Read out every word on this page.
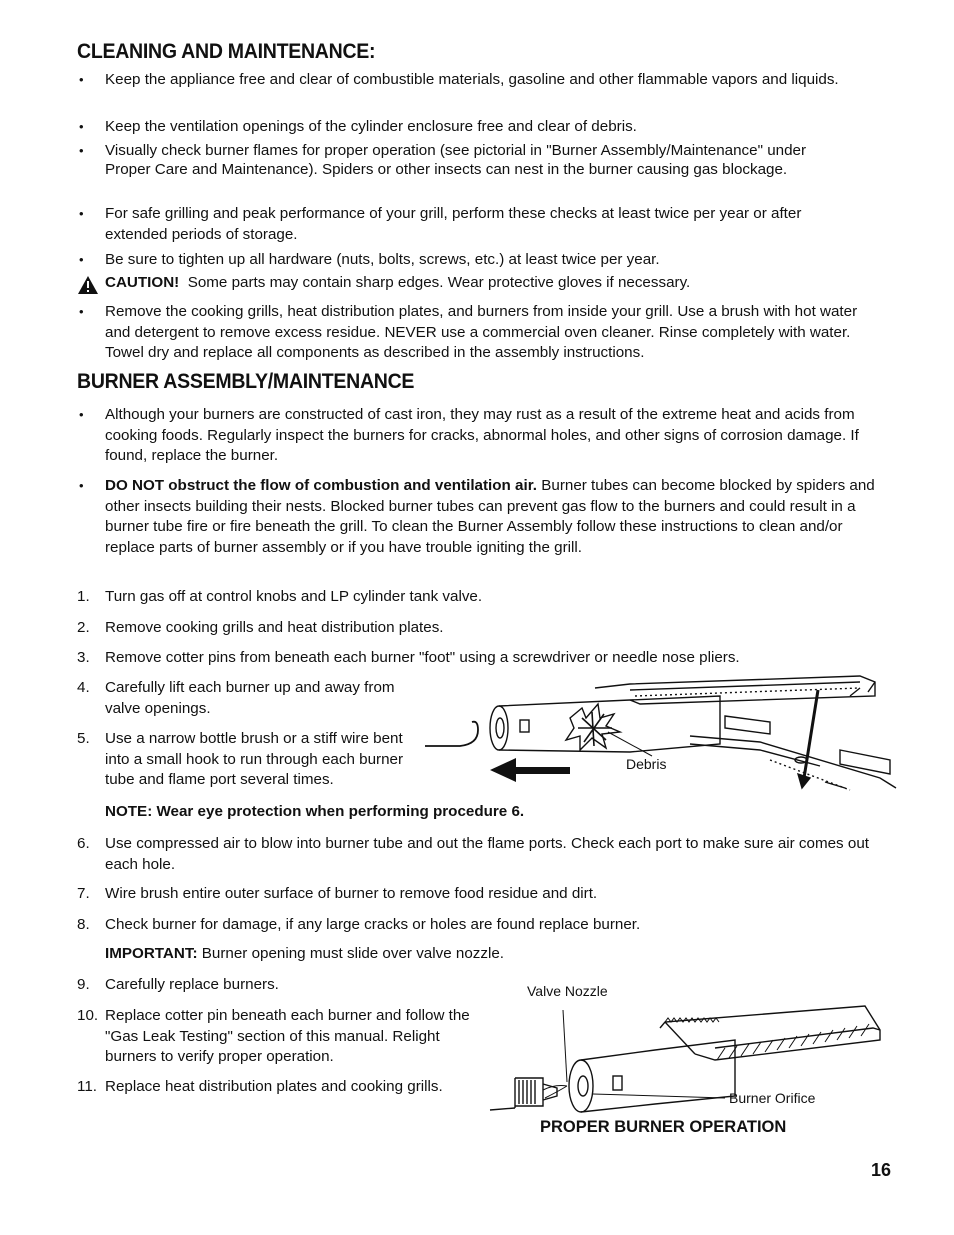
CLEANING AND MAINTENANCE:
•	Keep the appliance free and clear of combustible materials, gasoline and other flammable vapors and liquids.
•	Keep the ventilation openings of the cylinder enclosure free and clear of debris.
•	Visually check burner flames for proper operation (see pictorial in "Burner Assembly/Maintenance" under Proper Care and Maintenance). Spiders or other insects can nest in the burner causing gas blockage.
•	For safe grilling and peak performance of your grill, perform these checks at least twice per year or after extended periods of storage.
•	Be sure to tighten up all hardware (nuts, bolts, screws, etc.) at least twice per year.
CAUTION! Some parts may contain sharp edges. Wear protective gloves if necessary.
•	Remove the cooking grills, heat distribution plates, and burners from inside your grill. Use a brush with hot water and detergent to remove excess residue. NEVER use a commercial oven cleaner. Rinse completely with water. Towel dry and replace all components as described in the assembly instructions.
BURNER ASSEMBLY/MAINTENANCE
•	Although your burners are constructed of cast iron, they may rust as a result of the extreme heat and acids from cooking foods. Regularly inspect the burners for cracks, abnormal holes, and other signs of corrosion damage. If found, replace the burner.
•	DO NOT obstruct the flow of combustion and ventilation air. Burner tubes can become blocked by spiders and other insects building their nests. Blocked burner tubes can prevent gas flow to the burners and could result in a burner tube fire or fire beneath the grill. To clean the Burner Assembly follow these instructions to clean and/or replace parts of burner assembly or if you have trouble igniting the grill.
1.	Turn gas off at control knobs and LP cylinder tank valve.
2.	Remove cooking grills and heat distribution plates.
3.	Remove cotter pins from beneath each burner "foot" using a screwdriver or needle nose pliers.
4.	Carefully lift each burner up and away from valve openings.
5.	Use a narrow bottle brush or a stiff wire bent into a small hook to run through each burner tube and flame port several times.
NOTE: Wear eye protection when performing procedure 6.
6.	Use compressed air to blow into burner tube and out the flame ports. Check each port to make sure air comes out each hole.
7.	Wire brush entire outer surface of burner to remove food residue and dirt.
8.	Check burner for damage, if any large cracks or holes are found replace burner.
IMPORTANT: Burner opening must slide over valve nozzle.
9.	Carefully replace burners.
10. Replace cotter pin beneath each burner and follow the "Gas Leak Testing" section of this manual. Relight burners to verify proper operation.
11. Replace heat distribution plates and cooking grills.
Debris
Valve Nozzle
Burner Orifice
PROPER BURNER OPERATION
16
